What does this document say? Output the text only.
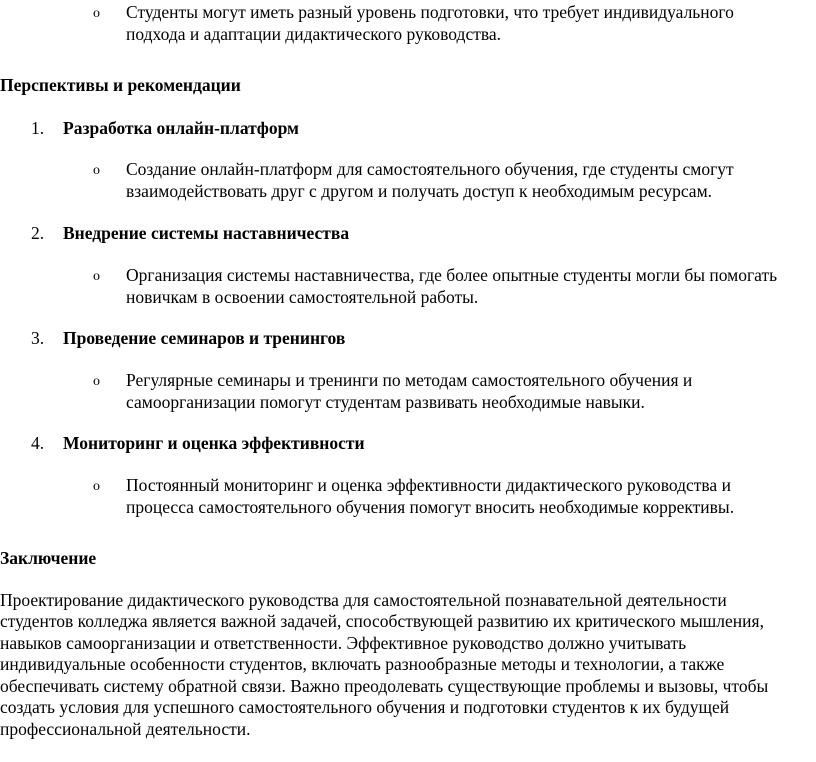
o Студенты могут иметь разный уровень подготовки, что требует индивидуального
подхода и адаптации дидактического руководства.
Перспективы и рекомендации
1. Разработка онлайн-платформ
o Создание онлайн-платформ для самостоятельного обучения, где студенты смогут
взаимодействовать друг с другом и получать доступ к необходимым ресурсам.
2. Внедрение системы наставничества
o Организация системы наставничества, где более опытные студенты могли бы помогать
новичкам в освоении самостоятельной работы.
3. Проведение семинаров и тренингов
o Регулярные семинары и тренинги по методам самостоятельного обучения и
самоорганизации помогут студентам развивать необходимые навыки.
4. Мониторинг и оценка эффективности
o Постоянный мониторинг и оценка эффективности дидактического руководства и
процесса самостоятельного обучения помогут вносить необходимые коррективы.
Заключение
Проектирование дидактического руководства для самостоятельной познавательной деятельности
студентов колледжа является важной задачей, способствующей развитию их критического мышления,
навыков самоорганизации и ответственности. Эффективное руководство должно учитывать
индивидуальные особенности студентов, включать разнообразные методы и технологии, а также
обеспечивать систему обратной связи. Важно преодолевать существующие проблемы и вызовы, чтобы
создать условия для успешного самостоятельного обучения и подготовки студентов к их будущей
профессиональной деятельности.
